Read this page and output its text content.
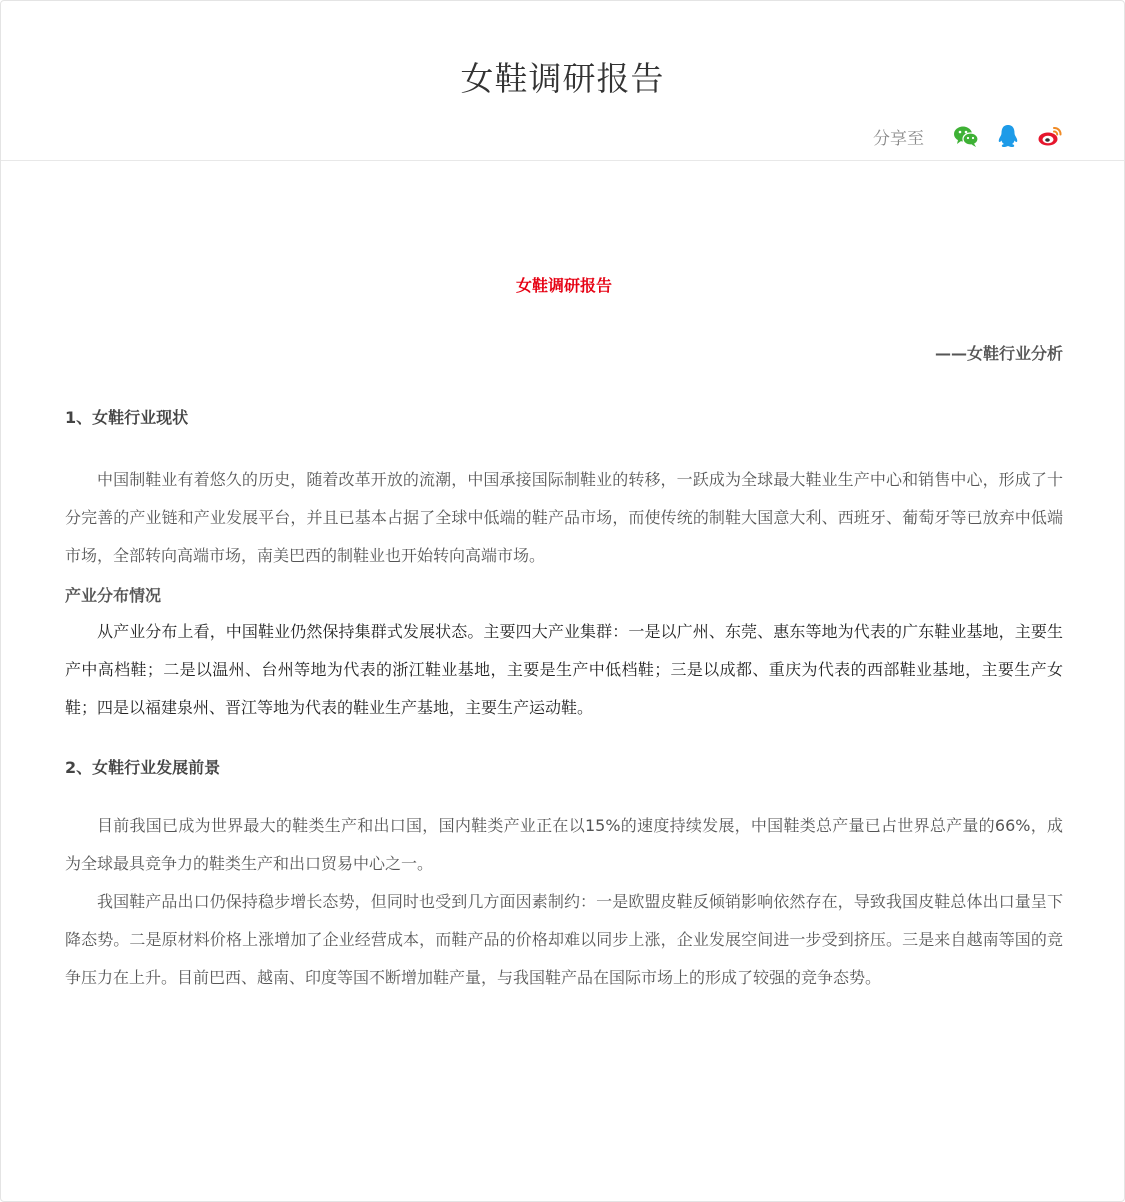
女鞋调研报告
分享至
女鞋调研报告
——女鞋行业分析
1、女鞋行业现状
中国制鞋业有着悠久的历史，随着改革开放的流潮，中国承接国际制鞋业的转移，一跃成为全球最大鞋业生产中心和销售中心，形成了十分完善的产业链和产业发展平台，并且已基本占据了全球中低端的鞋产品市场，而使传统的制鞋大国意大利、西班牙、葡萄牙等已放弃中低端市场，全部转向高端市场，南美巴西的制鞋业也开始转向高端市场。
产业分布情况
从产业分布上看，中国鞋业仍然保持集群式发展状态。主要四大产业集群：一是以广州、东莞、惠东等地为代表的广东鞋业基地，主要生产中高档鞋；二是以温州、台州等地为代表的浙江鞋业基地，主要是生产中低档鞋；三是以成都、重庆为代表的西部鞋业基地，主要生产女鞋；四是以福建泉州、晋江等地为代表的鞋业生产基地，主要生产运动鞋。
2、女鞋行业发展前景
目前我国已成为世界最大的鞋类生产和出口国，国内鞋类产业正在以15%的速度持续发展，中国鞋类总产量已占世界总产量的66%，成为全球最具竞争力的鞋类生产和出口贸易中心之一。
我国鞋产品出口仍保持稳步增长态势，但同时也受到几方面因素制约：一是欧盟皮鞋反倾销影响依然存在，导致我国皮鞋总体出口量呈下降态势。二是原材料价格上涨增加了企业经营成本，而鞋产品的价格却难以同步上涨，企业发展空间进一步受到挤压。三是来自越南等国的竞争压力在上升。目前巴西、越南、印度等国不断增加鞋产量，与我国鞋产品在国际市场上的形成了较强的竞争态势。
